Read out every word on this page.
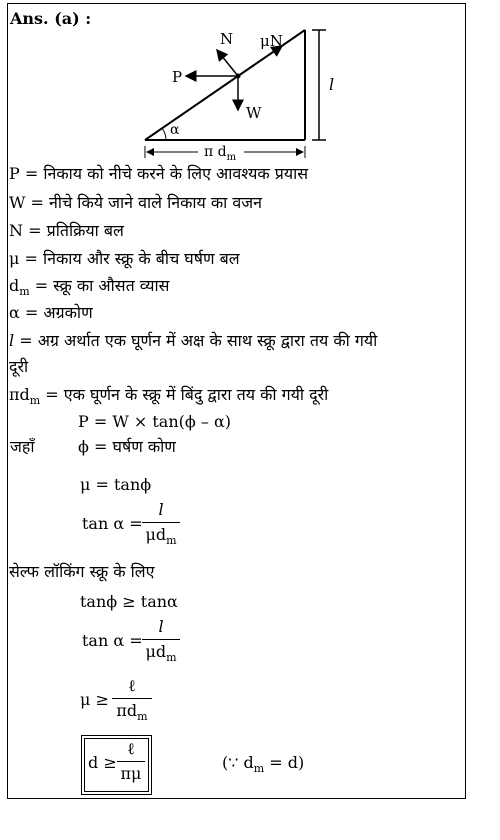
Ans. (a) :
N μN
P
W
α
l
π $d_m$
P = निकाय को नीचे करने के लिए आवश्यक प्रयास
W = नीचे किये जाने वाले निकाय का वजन
N = प्रतिक्रिया बल
μ = निकाय और स्क्रू के बीच घर्षण बल
$d_m$ = स्क्रू का औसत व्यास
α = अग्रकोण
l = अग्र अर्थात एक घूर्णन में अक्ष के साथ स्क्रू द्वारा तय की गयी
दूरी
$\pi d_m$ = एक घूर्णन के स्क्रू में बिंदु द्वारा तय की गयी दूरी
P = W × tan(ϕ – α)
जहाँ	ϕ = घर्षण कोण
μ = tanϕ
tan α =
l
$\mu d_m$
सेल्फ लॉकिंग स्क्रू के लिए
tanϕ ≥ tanα
tan α =
l
$\mu d_m$
μ ≥
ℓ
$\pi d_m$
d ≥
ℓ
πμ
(∵ $d_m = d$)
